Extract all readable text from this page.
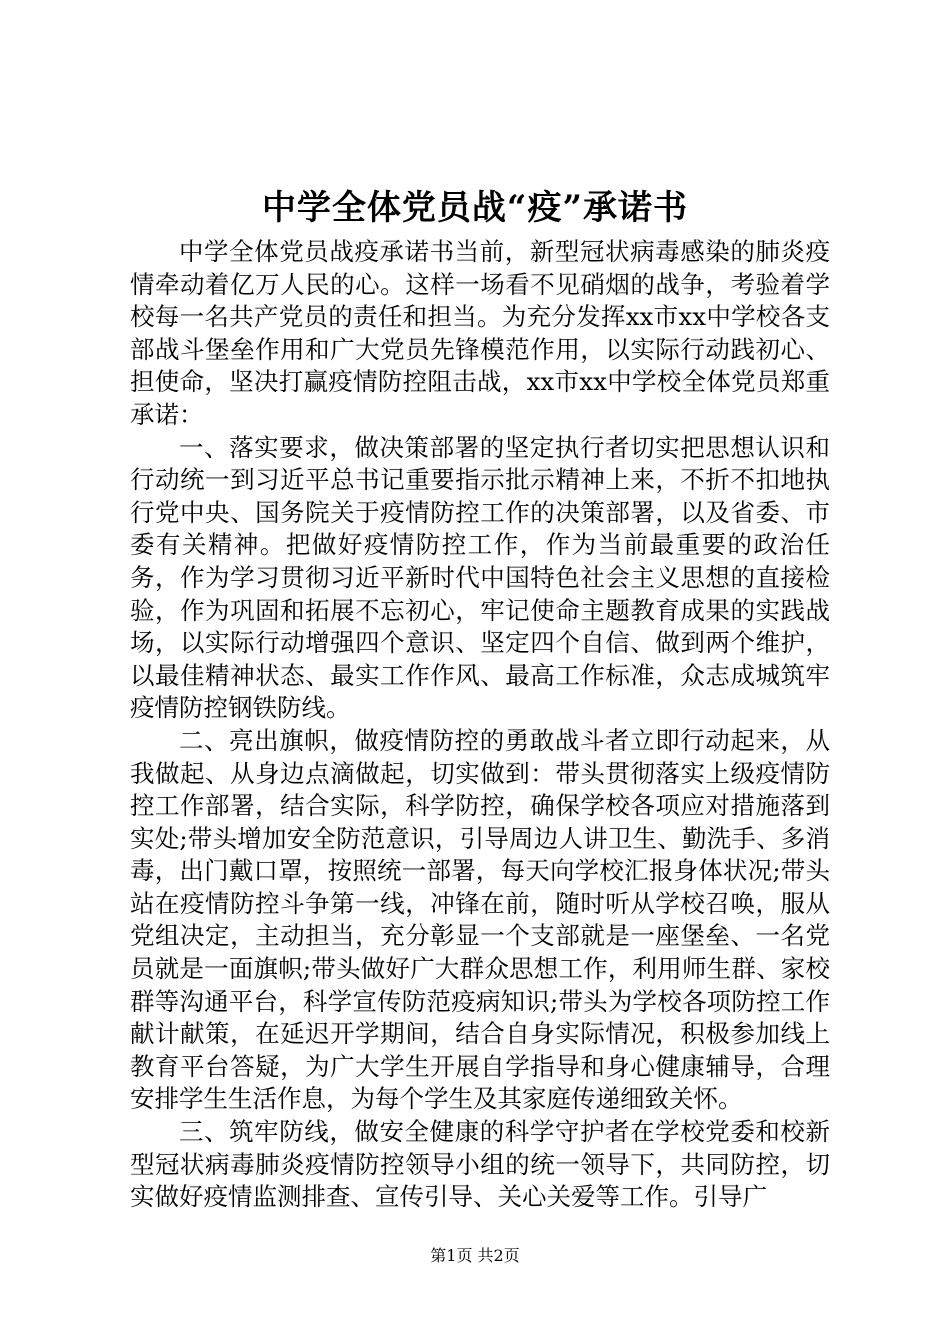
中学全体党员战“疫”承诺书

中学全体党员战疫承诺书当前，新型冠状病毒感染的肺炎疫情牵动着亿万人民的心。这样一场看不见硝烟的战争，考验着学校每一名共产党员的责任和担当。为充分发挥xx市xx中学校各支部战斗堡垒作用和广大党员先锋模范作用，以实际行动践初心、担使命，坚决打赢疫情防控阻击战，xx市xx中学校全体党员郑重承诺：

一、落实要求，做决策部署的坚定执行者切实把思想认识和行动统一到习近平总书记重要指示批示精神上来，不折不扣地执行党中央、国务院关于疫情防控工作的决策部署，以及省委、市委有关精神。把做好疫情防控工作，作为当前最重要的政治任务，作为学习贯彻习近平新时代中国特色社会主义思想的直接检验，作为巩固和拓展不忘初心，牢记使命主题教育成果的实践战场，以实际行动增强四个意识、坚定四个自信、做到两个维护，以最佳精神状态、最实工作作风、最高工作标准，众志成城筑牢疫情防控钢铁防线。

二、亮出旗帜，做疫情防控的勇敢战斗者立即行动起来，从我做起、从身边点滴做起，切实做到：带头贯彻落实上级疫情防控工作部署，结合实际，科学防控，确保学校各项应对措施落到实处;带头增加安全防范意识，引导周边人讲卫生、勤洗手、多消毒，出门戴口罩，按照统一部署，每天向学校汇报身体状况;带头站在疫情防控斗争第一线，冲锋在前，随时听从学校召唤，服从党组决定，主动担当，充分彰显一个支部就是一座堡垒、一名党员就是一面旗帜;带头做好广大群众思想工作，利用师生群、家校群等沟通平台，科学宣传防范疫病知识;带头为学校各项防控工作献计献策，在延迟开学期间，结合自身实际情况，积极参加线上教育平台答疑，为广大学生开展自学指导和身心健康辅导，合理安排学生生活作息，为每个学生及其家庭传递细致关怀。

三、筑牢防线，做安全健康的科学守护者在学校党委和校新型冠状病毒肺炎疫情防控领导小组的统一领导下，共同防控，切实做好疫情监测排查、宣传引导、关心关爱等工作。引导广

第1页 共2页
